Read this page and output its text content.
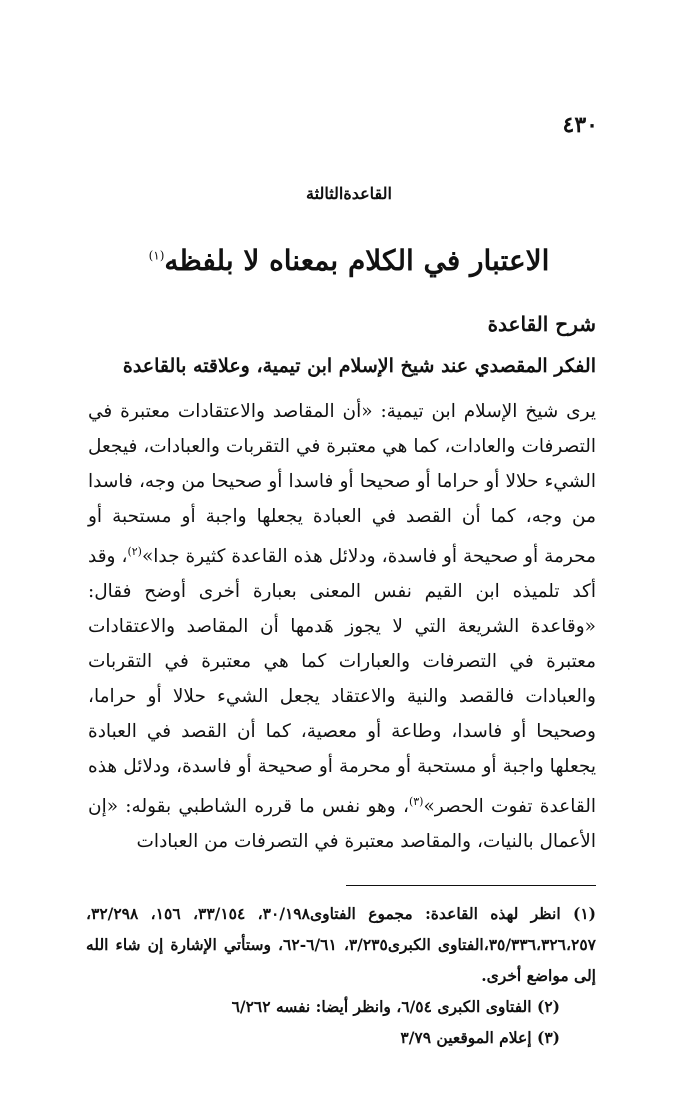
٤٣٠
القاعدةالثالثة
الاعتبار في الكلام بمعناه لا بلفظه$^{(١)}$
شرح القاعدة
الفكر المقصدي عند شيخ الإسلام ابن تيمية، وعلاقته بالقاعدة

يرى شيخ الإسلام ابن تيمية: «أن المقاصد والاعتقادات معتبرة في التصرفات والعادات، كما هي معتبرة في التقربات والعبادات، فيجعل الشيء حلالا أو حراما أو صحيحا أو فاسدا أو صحيحا من وجه، فاسدا من وجه، كما أن القصد في العبادة يجعلها واجبة أو مستحبة أو محرمة أو صحيحة أو فاسدة، ودلائل هذه القاعدة كثيرة جدا»$^{(٢)}$، وقد أكد تلميذه ابن القيم نفس المعنى بعبارة أخرى أوضح فقال: «وقاعدة الشريعة التي لا يجوز هَدمها أن المقاصد والاعتقادات معتبرة في التصرفات والعبارات كما هي معتبرة في التقربات والعبادات فالقصد والنية والاعتقاد يجعل الشيء حلالا أو حراما، وصحيحا أو فاسدا، وطاعة أو معصية، كما أن القصد في العبادة يجعلها واجبة أو مستحبة أو محرمة أو صحيحة أو فاسدة، ودلائل هذه القاعدة تفوت الحصر»$^{(٣)}$، وهو نفس ما قرره الشاطبي بقوله: «إن الأعمال بالنيات، والمقاصد معتبرة في التصرفات من العبادات

(١) انظر لهذه القاعدة: مجموع الفتاوى٣٠/١٩٨، ٣٣/١٥٤، ١٥٦، ٣٢/٢٩٨، ٣٥/٣٣٦،٣٢٦،٢٥٧،الفتاوى الكبرى٣/٢٣٥، ٦/٦١-٦٢، وستأتي الإشارة إن شاء الله إلى مواضع أخرى.

(٢) الفتاوى الكبرى ٦/٥٤، وانظر أيضا: نفسه ٦/٢٦٢

(٣) إعلام الموقعين ٣/٧٩
